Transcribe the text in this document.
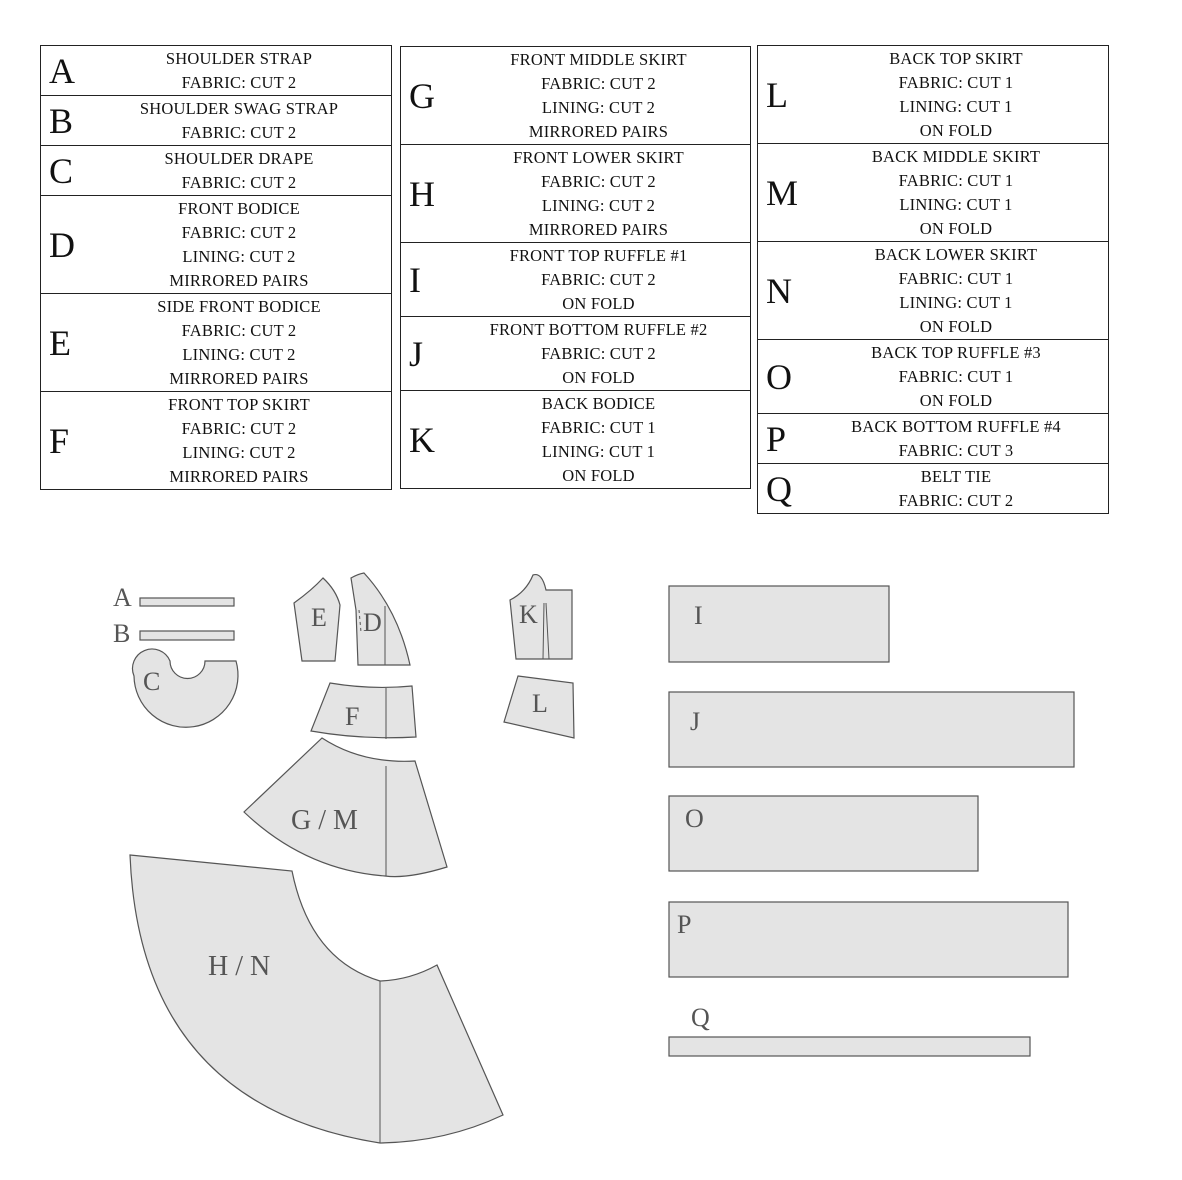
A	SHOULDER STRAP
FABRIC: CUT 2
B	SHOULDER SWAG STRAP
FABRIC: CUT 2
C	SHOULDER DRAPE
FABRIC: CUT 2
D
FRONT BODICE
FABRIC: CUT 2
LINING: CUT 2
MIRRORED PAIRS
E
SIDE FRONT BODICE
FABRIC: CUT 2
LINING: CUT 2
MIRRORED PAIRS
F
FRONT TOP SKIRT
FABRIC: CUT 2
LINING: CUT 2
MIRRORED PAIRS
G
FRONT MIDDLE SKIRT
FABRIC: CUT 2
LINING: CUT 2
MIRRORED PAIRS
H
FRONT LOWER SKIRT
FABRIC: CUT 2
LINING: CUT 2
MIRRORED PAIRS
I
FRONT TOP RUFFLE #1
FABRIC: CUT 2
ON FOLD
J
FRONT BOTTOM RUFFLE #2
FABRIC: CUT 2
ON FOLD
K
BACK BODICE
FABRIC: CUT 1
LINING: CUT 1
ON FOLD
L
BACK TOP SKIRT
FABRIC: CUT 1
LINING: CUT 1
ON FOLD
M
BACK MIDDLE SKIRT
FABRIC: CUT 1
LINING: CUT 1
ON FOLD
N
BACK LOWER SKIRT
FABRIC: CUT 1
LINING: CUT 1
ON FOLD
O
BACK TOP RUFFLE #3
FABRIC: CUT 1
ON FOLD
P	BACK BOTTOM RUFFLE #4
FABRIC: CUT 3
Q	BELT TIE
FABRIC: CUT 2
A
B
C
E D
F
K
L
G / M
H / N
I
J
O
P
Q
